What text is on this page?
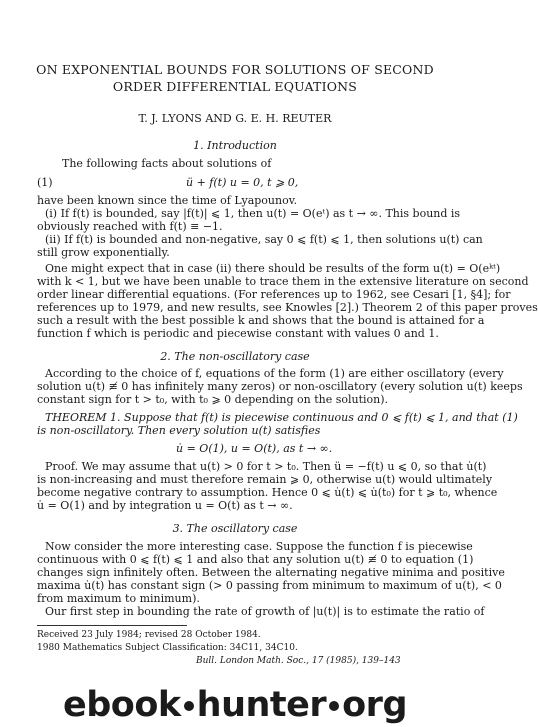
ON EXPONENTIAL BOUNDS FOR SOLUTIONS OF SECOND
ORDER DIFFERENTIAL EQUATIONS
T. J. LYONS AND G. E. H. REUTER
1. Introduction
The following facts about solutions of
(1)	ü + f(t) u = 0, t ⩾ 0,
have been known since the time of Lyapounov.
(i) If f(t) is bounded, say |f(t)| ⩽ 1, then u(t) = O(eᵗ) as t → ∞. This bound is
obviously reached with f(t) ≡ −1.
(ii) If f(t) is bounded and non-negative, say 0 ⩽ f(t) ⩽ 1, then solutions u(t) can
still grow exponentially.
One might expect that in case (ii) there should be results of the form u(t) = O(eᵏᵗ)
with k < 1, but we have been unable to trace them in the extensive literature on second
order linear differential equations. (For references up to 1962, see Cesari [1, §4]; for
references up to 1979, and new results, see Knowles [2].) Theorem 2 of this paper proves
such a result with the best possible k and shows that the bound is attained for a
function f which is periodic and piecewise constant with values 0 and 1.
2. The non-oscillatory case
According to the choice of f, equations of the form (1) are either oscillatory (every
solution u(t) ≢ 0 has infinitely many zeros) or non-oscillatory (every solution u(t) keeps
constant sign for t > t₀, with t₀ ⩾ 0 depending on the solution).
THEOREM 1. Suppose that f(t) is piecewise continuous and 0 ⩽ f(t) ⩽ 1, and that (1)
is non-oscillatory. Then every solution u(t) satisfies
u̇ = O(1), u = O(t), as t → ∞.
Proof. We may assume that u(t) > 0 for t > t₀. Then ü = −f(t) u ⩽ 0, so that u̇(t)
is non-increasing and must therefore remain ⩾ 0, otherwise u(t) would ultimately
become negative contrary to assumption. Hence 0 ⩽ u̇(t) ⩽ u̇(t₀) for t ⩾ t₀, whence
u̇ = O(1) and by integration u = O(t) as t → ∞.
3. The oscillatory case
Now consider the more interesting case. Suppose the function f is piecewise
continuous with 0 ⩽ f(t) ⩽ 1 and also that any solution u(t) ≢ 0 to equation (1)
changes sign infinitely often. Between the alternating negative minima and positive
maxima u̇(t) has constant sign (> 0 passing from minimum to maximum of u(t), < 0
from maximum to minimum).
Our first step in bounding the rate of growth of |u(t)| is to estimate the ratio of
Received 23 July 1984; revised 28 October 1984.
1980 Mathematics Subject Classification: 34C11, 34C10.
Bull. London Math. Soc., 17 (1985), 139–143
ebook hunter org
